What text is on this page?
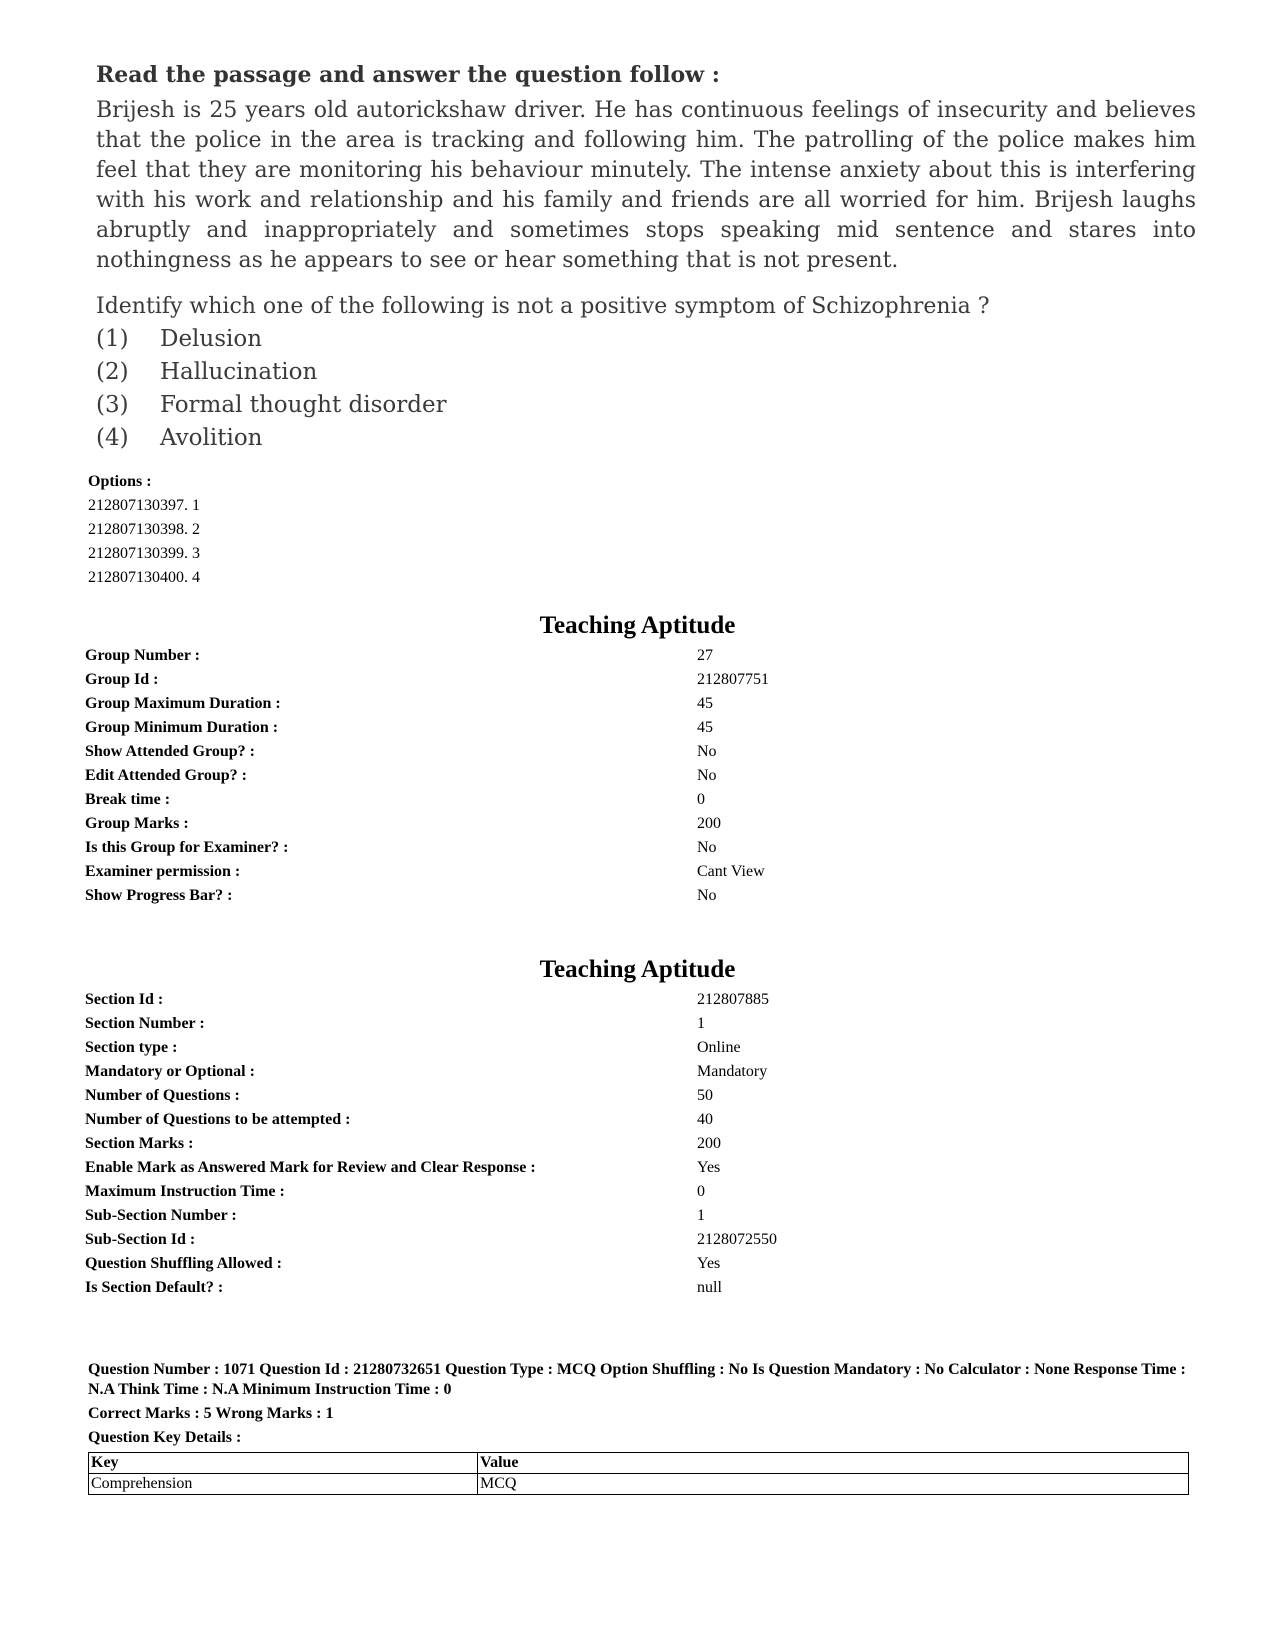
Read the passage and answer the question follow :

Brijesh is 25 years old autorickshaw driver. He has continuous feelings of insecurity and believes that the police in the area is tracking and following him. The patrolling of the police makes him feel that they are monitoring his behaviour minutely. The intense anxiety about this is interfering with his work and relationship and his family and friends are all worried for him. Brijesh laughs abruptly and inappropriately and sometimes stops speaking mid sentence and stares into nothingness as he appears to see or hear something that is not present.

Identify which one of the following is not a positive symptom of Schizophrenia ?

(1)	Delusion
(2)	Hallucination
(3)	Formal thought disorder
(4)	Avolition
Options :
212807130397. 1
212807130398. 2
212807130399. 3
212807130400. 4
Teaching Aptitude
Group Number :	27
Group Id :	212807751
Group Maximum Duration :	45
Group Minimum Duration :	45
Show Attended Group? :	No
Edit Attended Group? :	No
Break time :	0
Group Marks :	200
Is this Group for Examiner? :	No
Examiner permission :	Cant View
Show Progress Bar? :	No
Teaching Aptitude
Section Id :	212807885
Section Number :	1
Section type :	Online
Mandatory or Optional :	Mandatory
Number of Questions :	50
Number of Questions to be attempted :	40
Section Marks :	200
Enable Mark as Answered Mark for Review and Clear Response :	Yes
Maximum Instruction Time :	0
Sub-Section Number :	1
Sub-Section Id :	2128072550
Question Shuffling Allowed :	Yes
Is Section Default? :	null

Question Number : 1071 Question Id : 21280732651 Question Type : MCQ Option Shuffling : No Is Question Mandatory : No Calculator : None Response Time : N.A Think Time : N.A Minimum Instruction Time : 0

Correct Marks : 5 Wrong Marks : 1

Question Key Details :

Key	Value
Comprehension	MCQ
